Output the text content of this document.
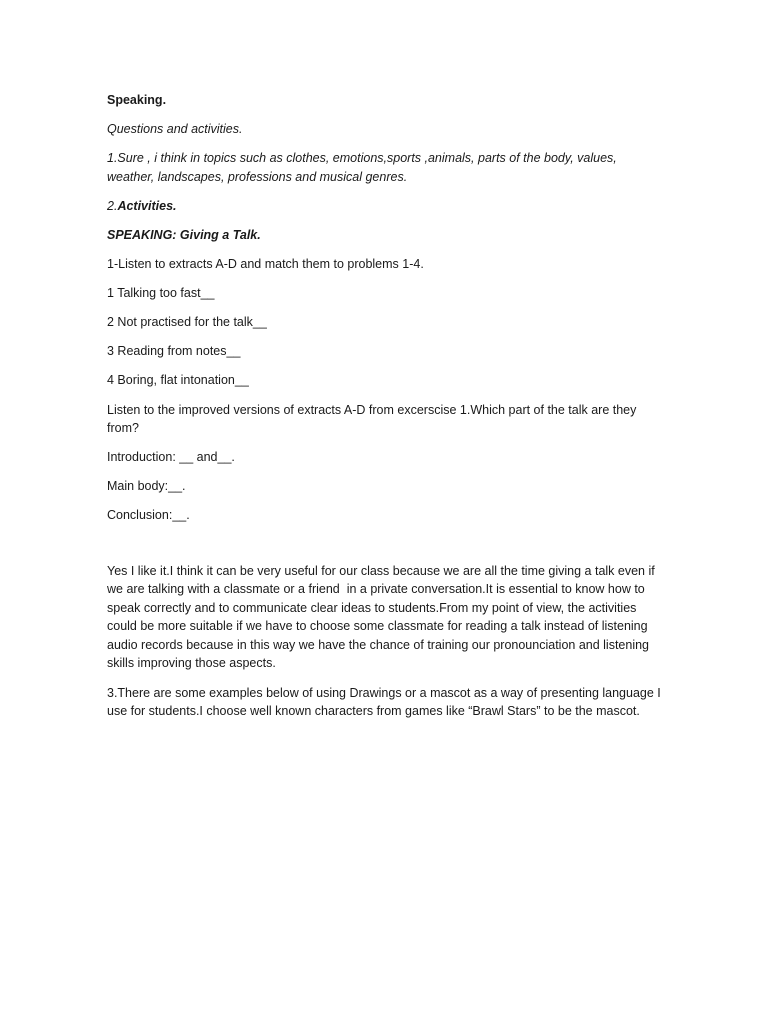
Speaking.

Questions and activities.

1.Sure , i think in topics such as clothes, emotions,sports ,animals, parts of the body, values, weather, landscapes, professions and musical genres.

2.Activities.

SPEAKING: Giving a Talk.

1-Listen to extracts A-D and match them to problems 1-4.

1 Talking too fast__

2 Not practised for the talk__

3 Reading from notes__

4 Boring, flat intonation__

Listen to the improved versions of extracts A-D from excerscise 1.Which part of the talk are they from?

Introduction: __ and__.

Main body:__.

Conclusion:__.

Yes I like it.I think it can be very useful for our class because we are all the time giving a talk even if we are talking with a classmate or a friend  in a private conversation.It is essential to know how to speak correctly and to communicate clear ideas to students.From my point of view, the activities could be more suitable if we have to choose some classmate for reading a talk instead of listening audio records because in this way we have the chance of training our pronounciation and listening skills improving those aspects.

3.There are some examples below of using Drawings or a mascot as a way of presenting language I use for students.I choose well known characters from games like “Brawl Stars” to be the mascot.
